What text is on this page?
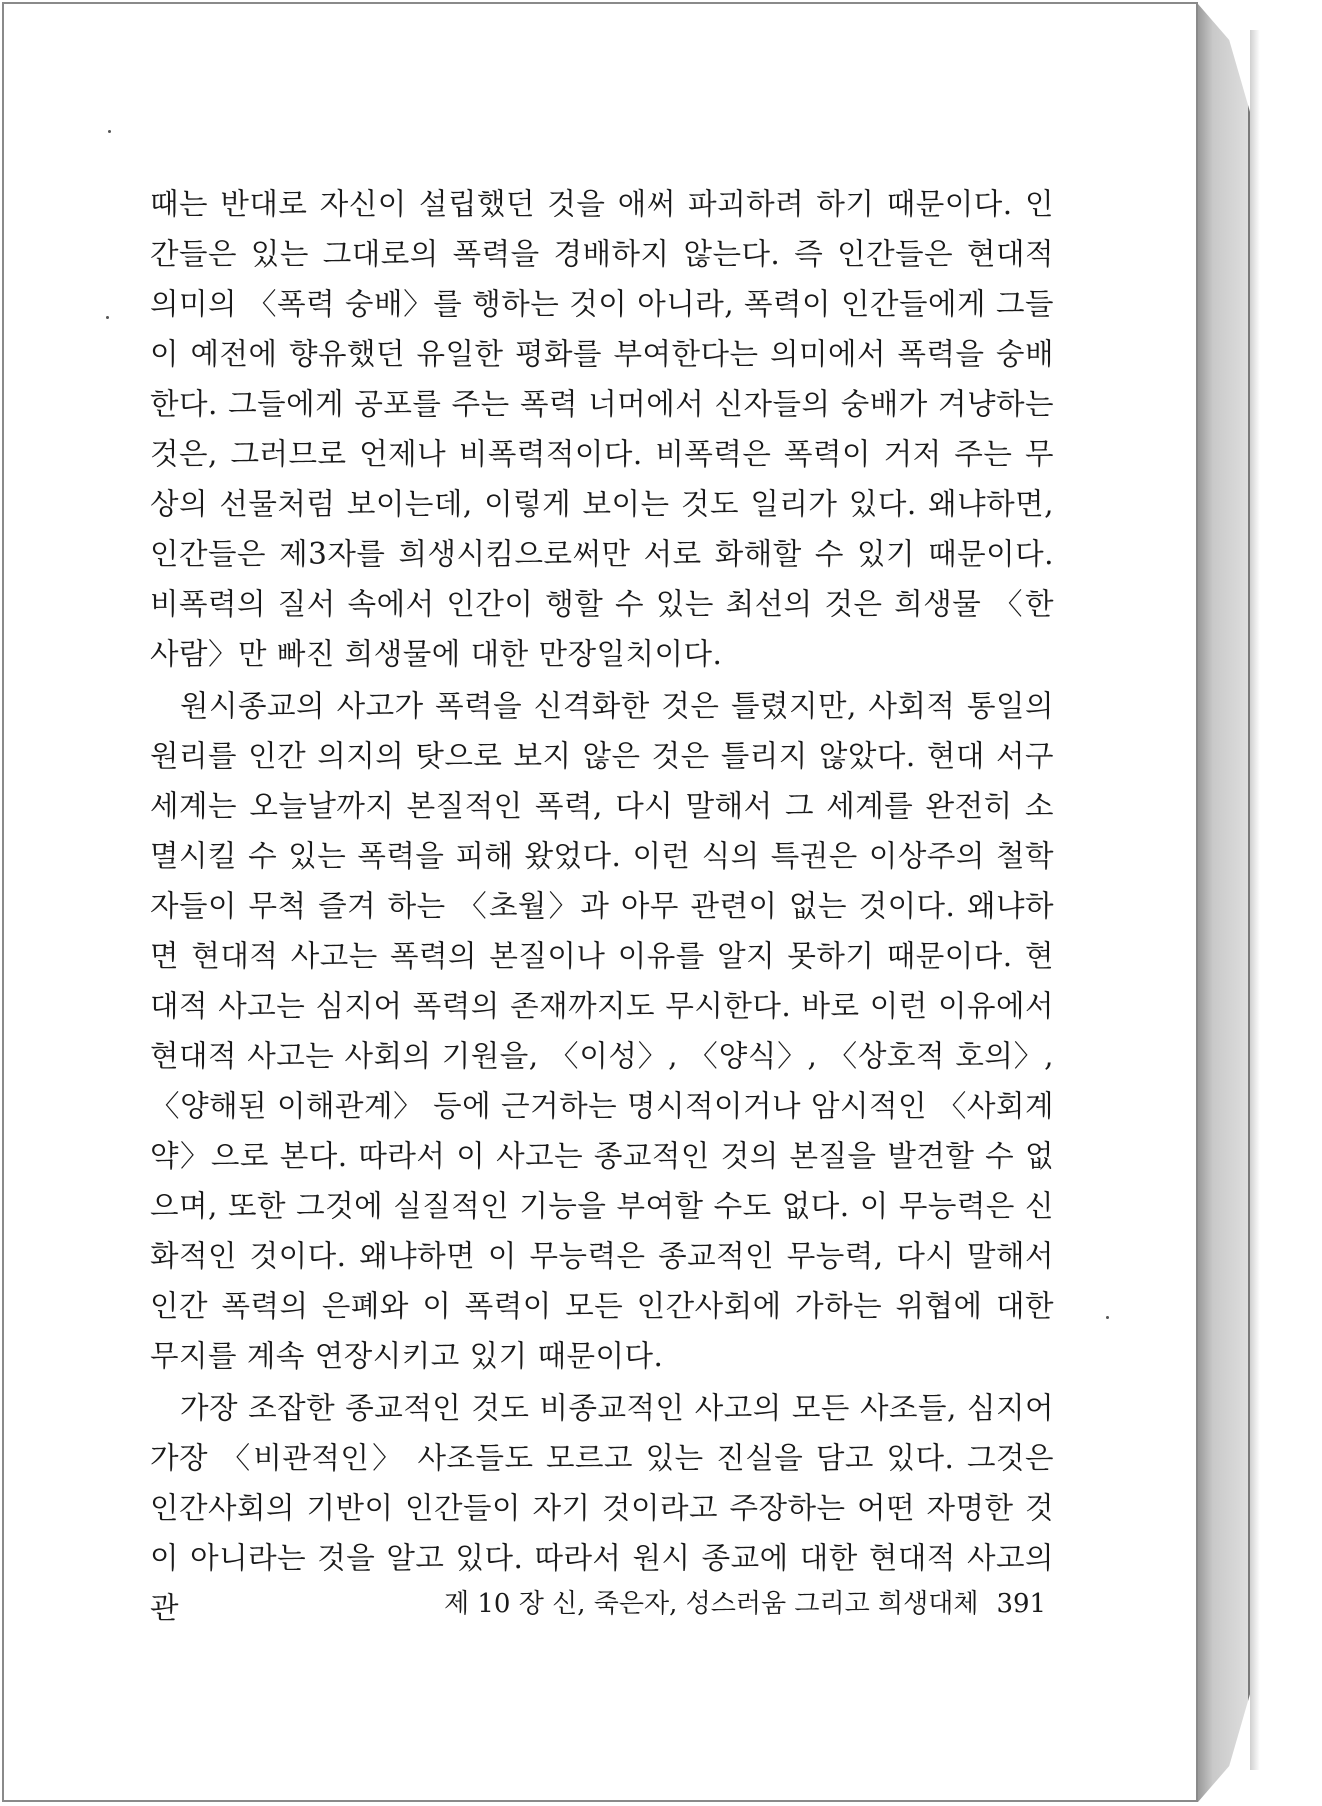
때는 반대로 자신이 설립했던 것을 애써 파괴하려 하기 때문이다. 인간들은 있는 그대로의 폭력을 경배하지 않는다. 즉 인간들은 현대적 의미의 〈폭력 숭배〉를 행하는 것이 아니라, 폭력이 인간들에게 그들이 예전에 향유했던 유일한 평화를 부여한다는 의미에서 폭력을 숭배한다. 그들에게 공포를 주는 폭력 너머에서 신자들의 숭배가 겨냥하는 것은, 그러므로 언제나 비폭력적이다. 비폭력은 폭력이 거저 주는 무상의 선물처럼 보이는데, 이렇게 보이는 것도 일리가 있다. 왜냐하면, 인간들은 제3자를 희생시킴으로써만 서로 화해할 수 있기 때문이다. 비폭력의 질서 속에서 인간이 행할 수 있는 최선의 것은 희생물 〈한 사람〉만 빠진 희생물에 대한 만장일치이다.

원시종교의 사고가 폭력을 신격화한 것은 틀렸지만, 사회적 통일의 원리를 인간 의지의 탓으로 보지 않은 것은 틀리지 않았다. 현대 서구 세계는 오늘날까지 본질적인 폭력, 다시 말해서 그 세계를 완전히 소멸시킬 수 있는 폭력을 피해 왔었다. 이런 식의 특권은 이상주의 철학자들이 무척 즐겨 하는 〈초월〉과 아무 관련이 없는 것이다. 왜냐하면 현대적 사고는 폭력의 본질이나 이유를 알지 못하기 때문이다. 현대적 사고는 심지어 폭력의 존재까지도 무시한다. 바로 이런 이유에서 현대적 사고는 사회의 기원을, 〈이성〉, 〈양식〉, 〈상호적 호의〉, 〈양해된 이해관계〉 등에 근거하는 명시적이거나 암시적인 〈사회계약〉으로 본다. 따라서 이 사고는 종교적인 것의 본질을 발견할 수 없으며, 또한 그것에 실질적인 기능을 부여할 수도 없다. 이 무능력은 신화적인 것이다. 왜냐하면 이 무능력은 종교적인 무능력, 다시 말해서 인간 폭력의 은폐와 이 폭력이 모든 인간사회에 가하는 위협에 대한 무지를 계속 연장시키고 있기 때문이다.

가장 조잡한 종교적인 것도 비종교적인 사고의 모든 사조들, 심지어 가장 〈비관적인〉 사조들도 모르고 있는 진실을 담고 있다. 그것은 인간사회의 기반이 인간들이 자기 것이라고 주장하는 어떤 자명한 것이 아니라는 것을 알고 있다. 따라서 원시 종교에 대한 현대적 사고의 관	제 10 장 신, 죽은자, 성스러움 그리고 희생대체 391
